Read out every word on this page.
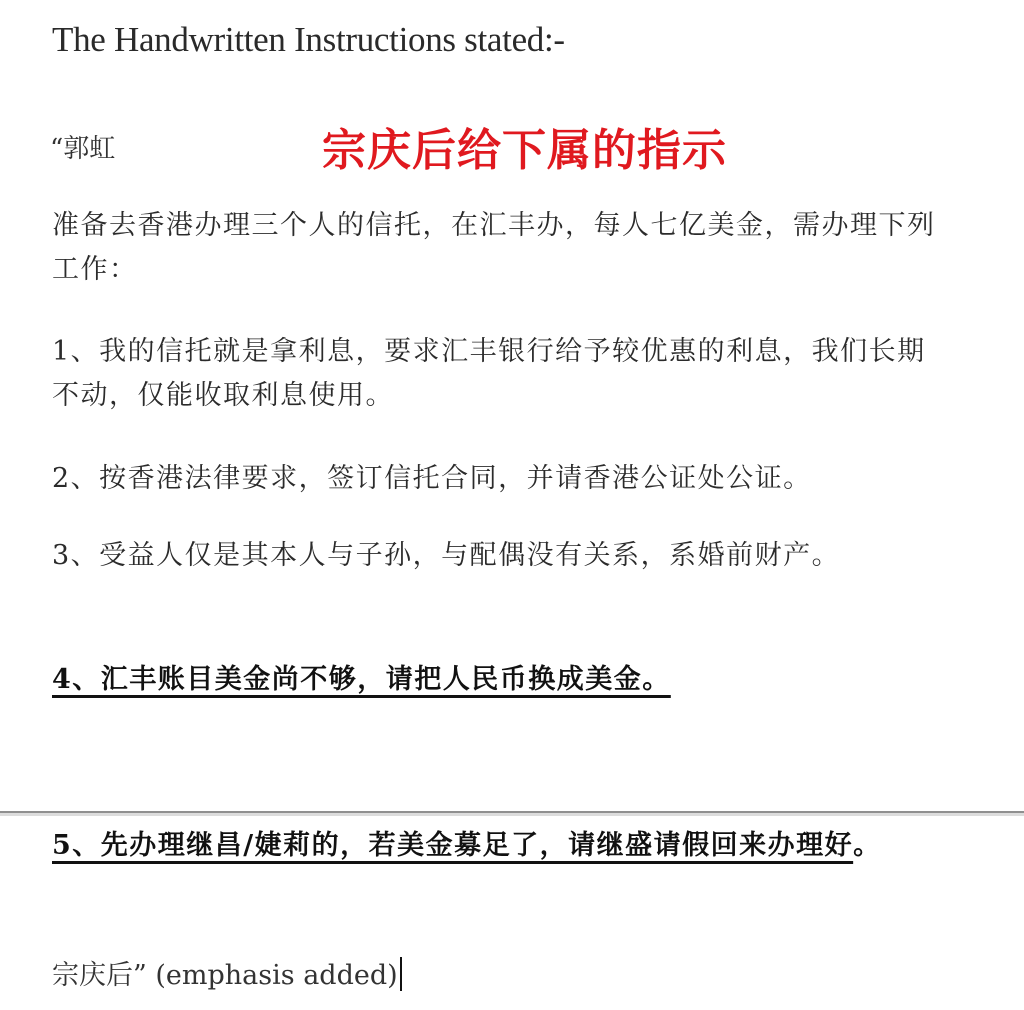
The Handwritten Instructions stated:-
“郭虹	宗庆后给下属的指示
准备去香港办理三个人的信托，在汇丰办，每人七亿美金，需办理下列工作：
1、我的信托就是拿利息，要求汇丰银行给予较优惠的利息，我们长期不动，仅能收取利息使用。
2、按香港法律要求，签订信托合同，并请香港公证处公证。
3、受益人仅是其本人与子孙，与配偶没有关系，系婚前财产。
4、汇丰账目美金尚不够，请把人民币换成美金。
5、先办理继昌/婕莉的，若美金募足了，请继盛请假回来办理好。
宗庆后” (emphasis added)
